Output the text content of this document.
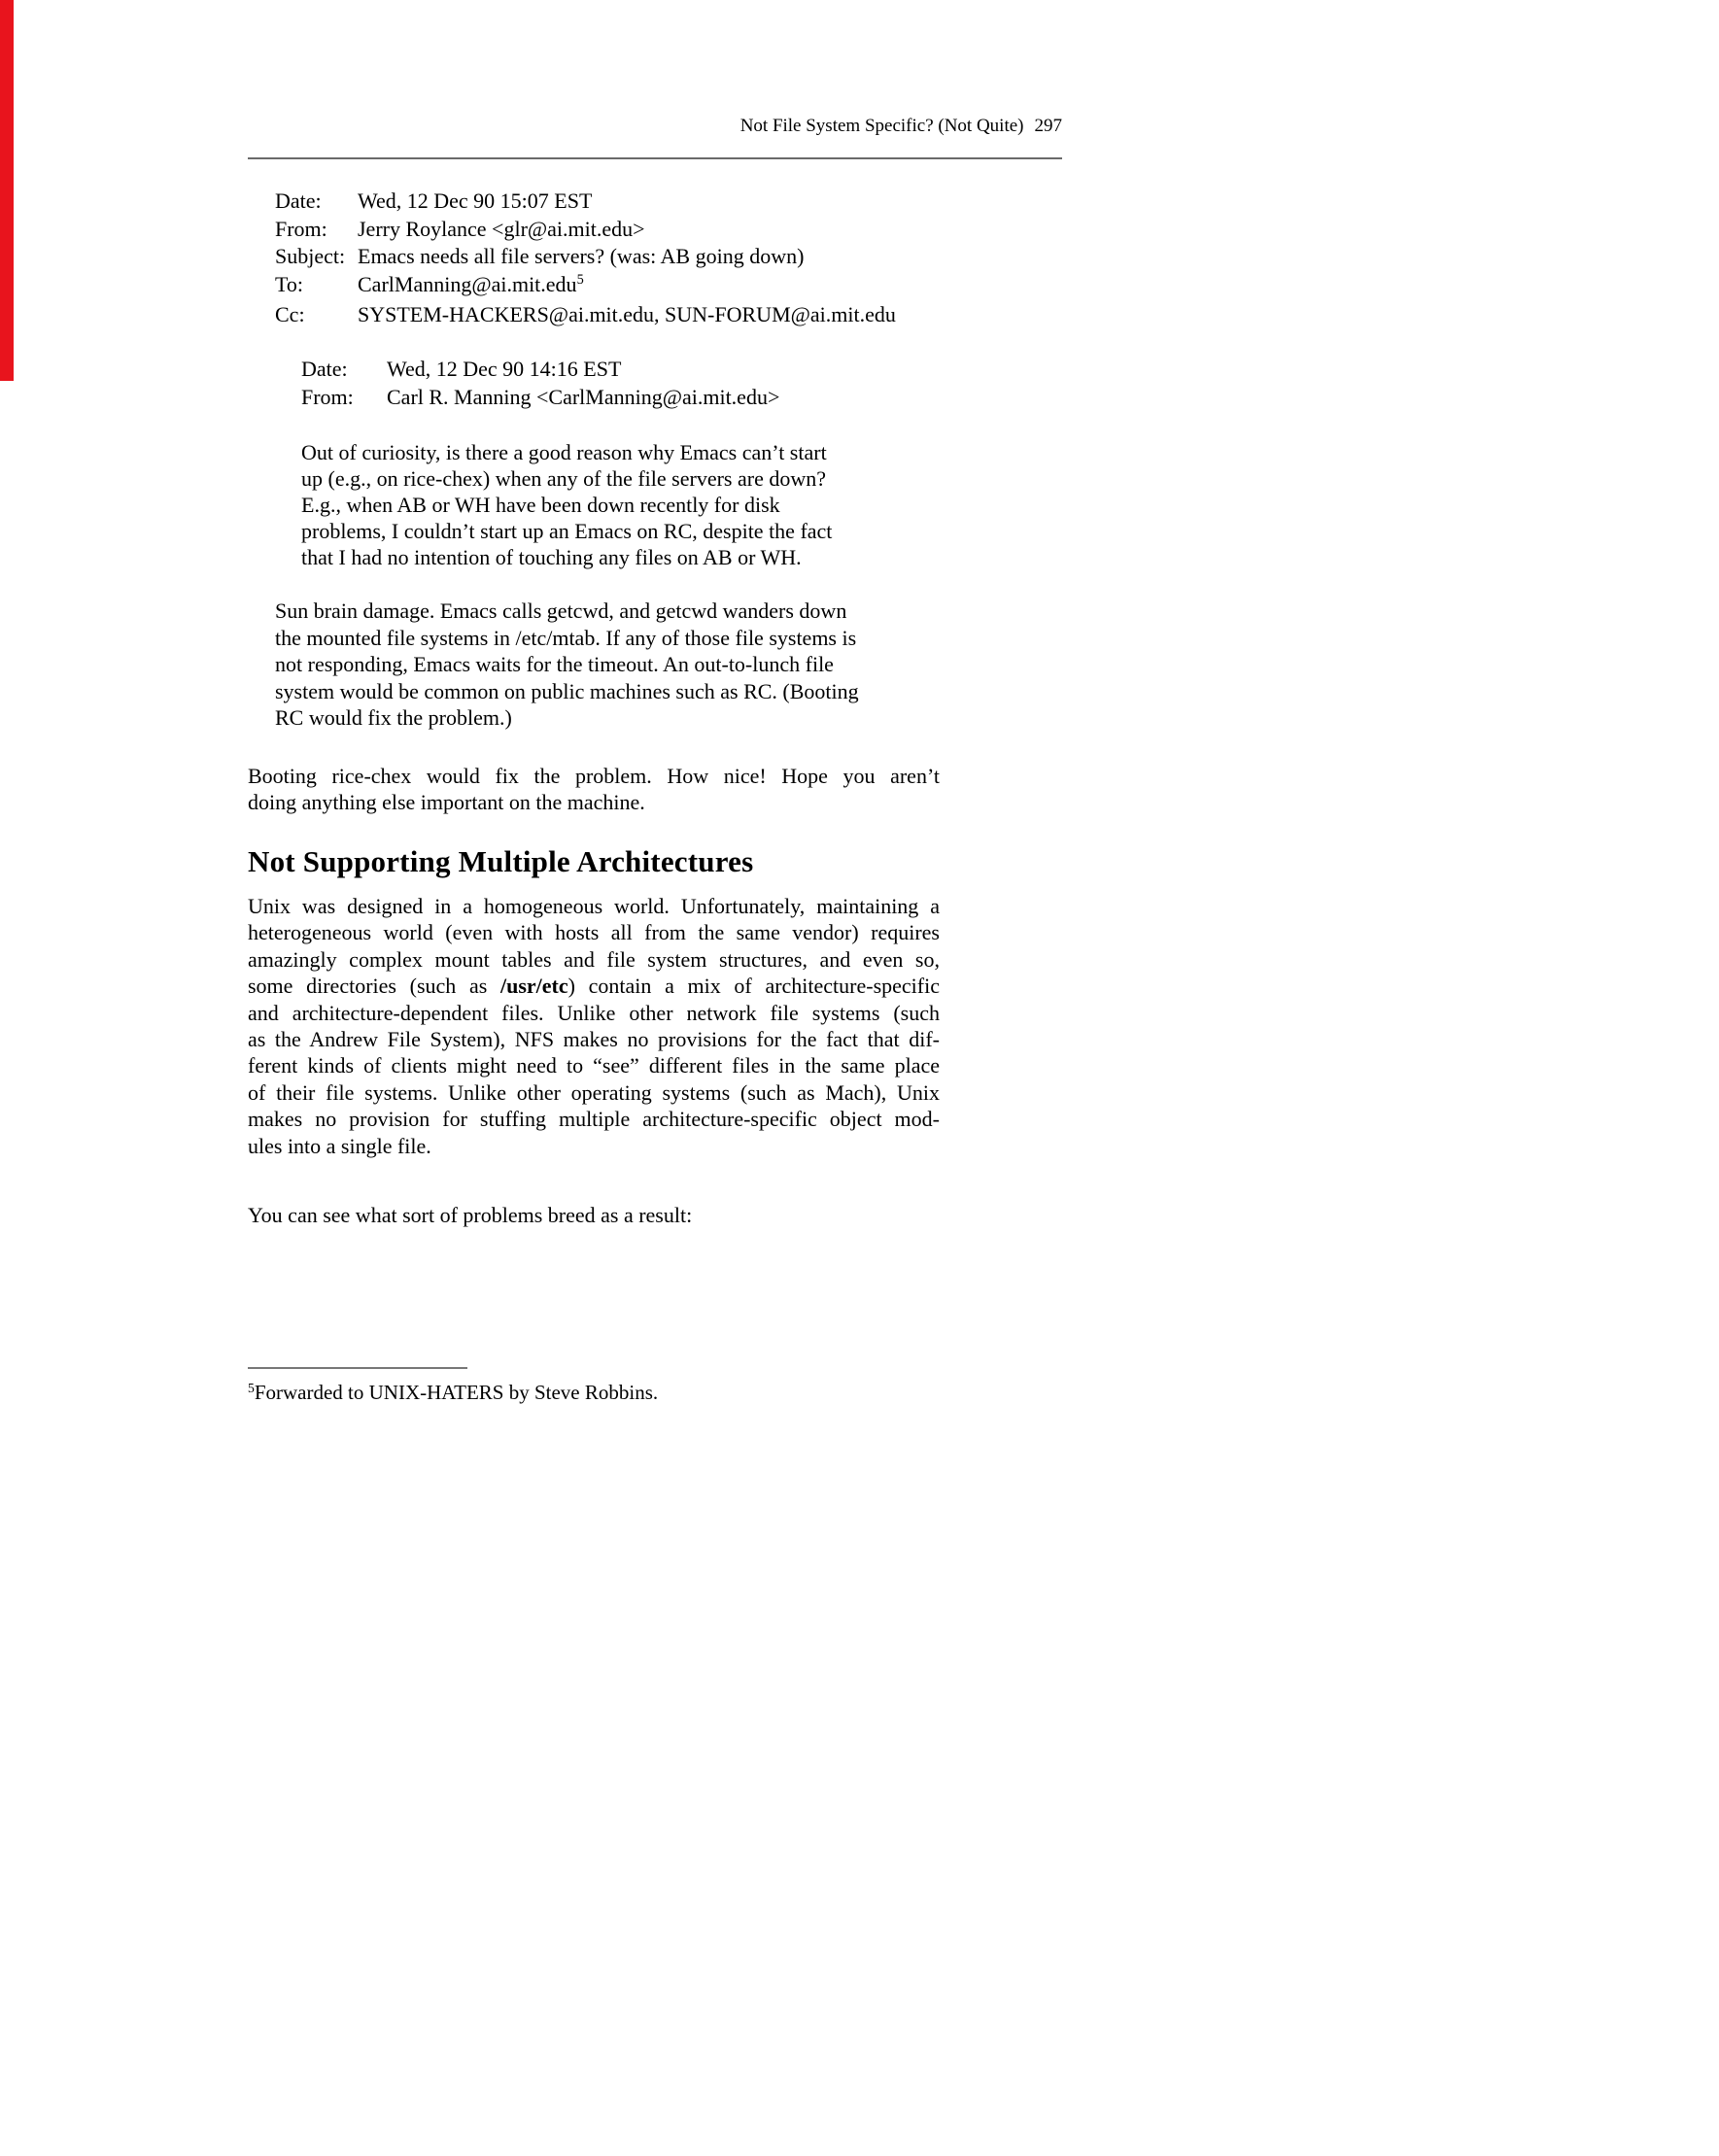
Not File System Specific? (Not Quite) 297
Date: Wed, 12 Dec 90 15:07 EST
From: Jerry Roylance <glr@ai.mit.edu>
Subject: Emacs needs all file servers? (was: AB going down)
To:	CarlManning@ai.mit.edu$^5$
Cc: SYSTEM-HACKERS@ai.mit.edu, SUN-FORUM@ai.mit.edu
Date: Wed, 12 Dec 90 14:16 EST
From: Carl R. Manning <CarlManning@ai.mit.edu>
Out of curiosity, is there a good reason why Emacs can’t start
up (e.g., on rice-chex) when any of the file servers are down?
E.g., when AB or WH have been down recently for disk
problems, I couldn’t start up an Emacs on RC, despite the fact
that I had no intention of touching any files on AB or WH.
Sun brain damage. Emacs calls getcwd, and getcwd wanders down
the mounted file systems in /etc/mtab. If any of those file systems is
not responding, Emacs waits for the timeout. An out-to-lunch file
system would be common on public machines such as RC. (Booting
RC would fix the problem.)
Booting rice-chex would fix the problem. How nice! Hope you aren’t
doing anything else important on the machine.
Not Supporting Multiple Architectures
Unix was designed in a homogeneous world. Unfortunately, maintaining a
heterogeneous world (even with hosts all from the same vendor) requires
amazingly complex mount tables and file system structures, and even so,
some directories (such as /usr/etc) contain a mix of architecture-specific
and architecture-dependent files. Unlike other network file systems (such
as the Andrew File System), NFS makes no provisions for the fact that dif-
ferent kinds of clients might need to “see” different files in the same place
of their file systems. Unlike other operating systems (such as Mach), Unix
makes no provision for stuffing multiple architecture-specific object mod-
ules into a single file.
You can see what sort of problems breed as a result:
$^5$Forwarded to UNIX-HATERS by Steve Robbins.
